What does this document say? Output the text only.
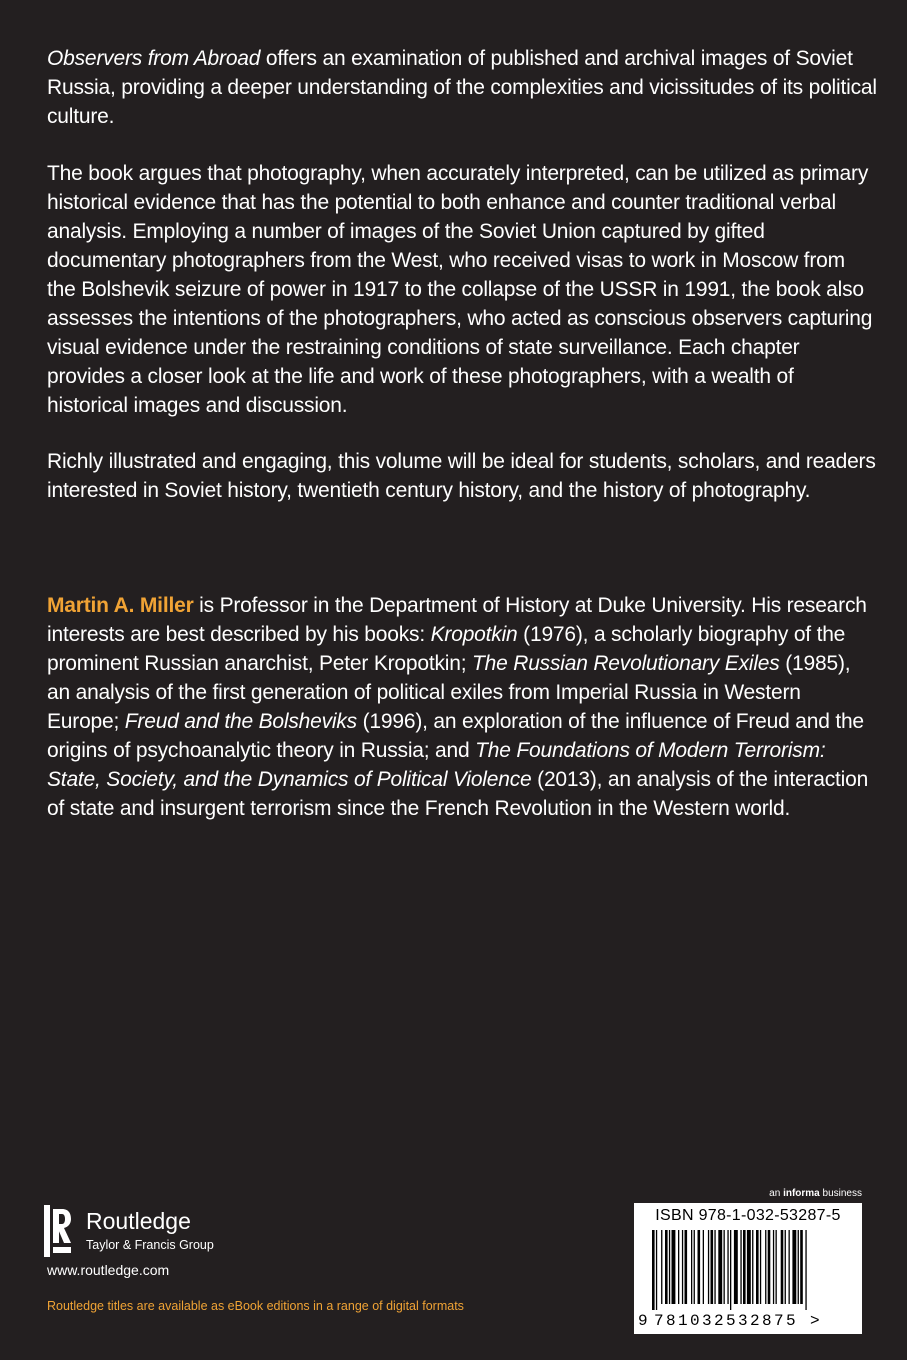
Observers from Abroad offers an examination of published and archival images of Soviet Russia, providing a deeper understanding of the complexities and vicissitudes of its political culture.
The book argues that photography, when accurately interpreted, can be utilized as primary historical evidence that has the potential to both enhance and counter traditional verbal analysis. Employing a number of images of the Soviet Union captured by gifted documentary photographers from the West, who received visas to work in Moscow from the Bolshevik seizure of power in 1917 to the collapse of the USSR in 1991, the book also assesses the intentions of the photographers, who acted as conscious observers capturing visual evidence under the restraining conditions of state surveillance. Each chapter provides a closer look at the life and work of these photographers, with a wealth of historical images and discussion.
Richly illustrated and engaging, this volume will be ideal for students, scholars, and readers interested in Soviet history, twentieth century history, and the history of photography.
Martin A. Miller is Professor in the Department of History at Duke University. His research interests are best described by his books: Kropotkin (1976), a scholarly biography of the prominent Russian anarchist, Peter Kropotkin; The Russian Revolutionary Exiles (1985), an analysis of the first generation of political exiles from Imperial Russia in Western Europe; Freud and the Bolsheviks (1996), an exploration of the influence of Freud and the origins of psychoanalytic theory in Russia; and The Foundations of Modern Terrorism: State, Society, and the Dynamics of Political Violence (2013), an analysis of the interaction of state and insurgent terrorism since the French Revolution in the Western world.
Routledge
Taylor & Francis Group
www.routledge.com
Routledge titles are available as eBook editions in a range of digital formats
an informa business
ISBN 978-1-032-53287-5
9 781032532875 >
